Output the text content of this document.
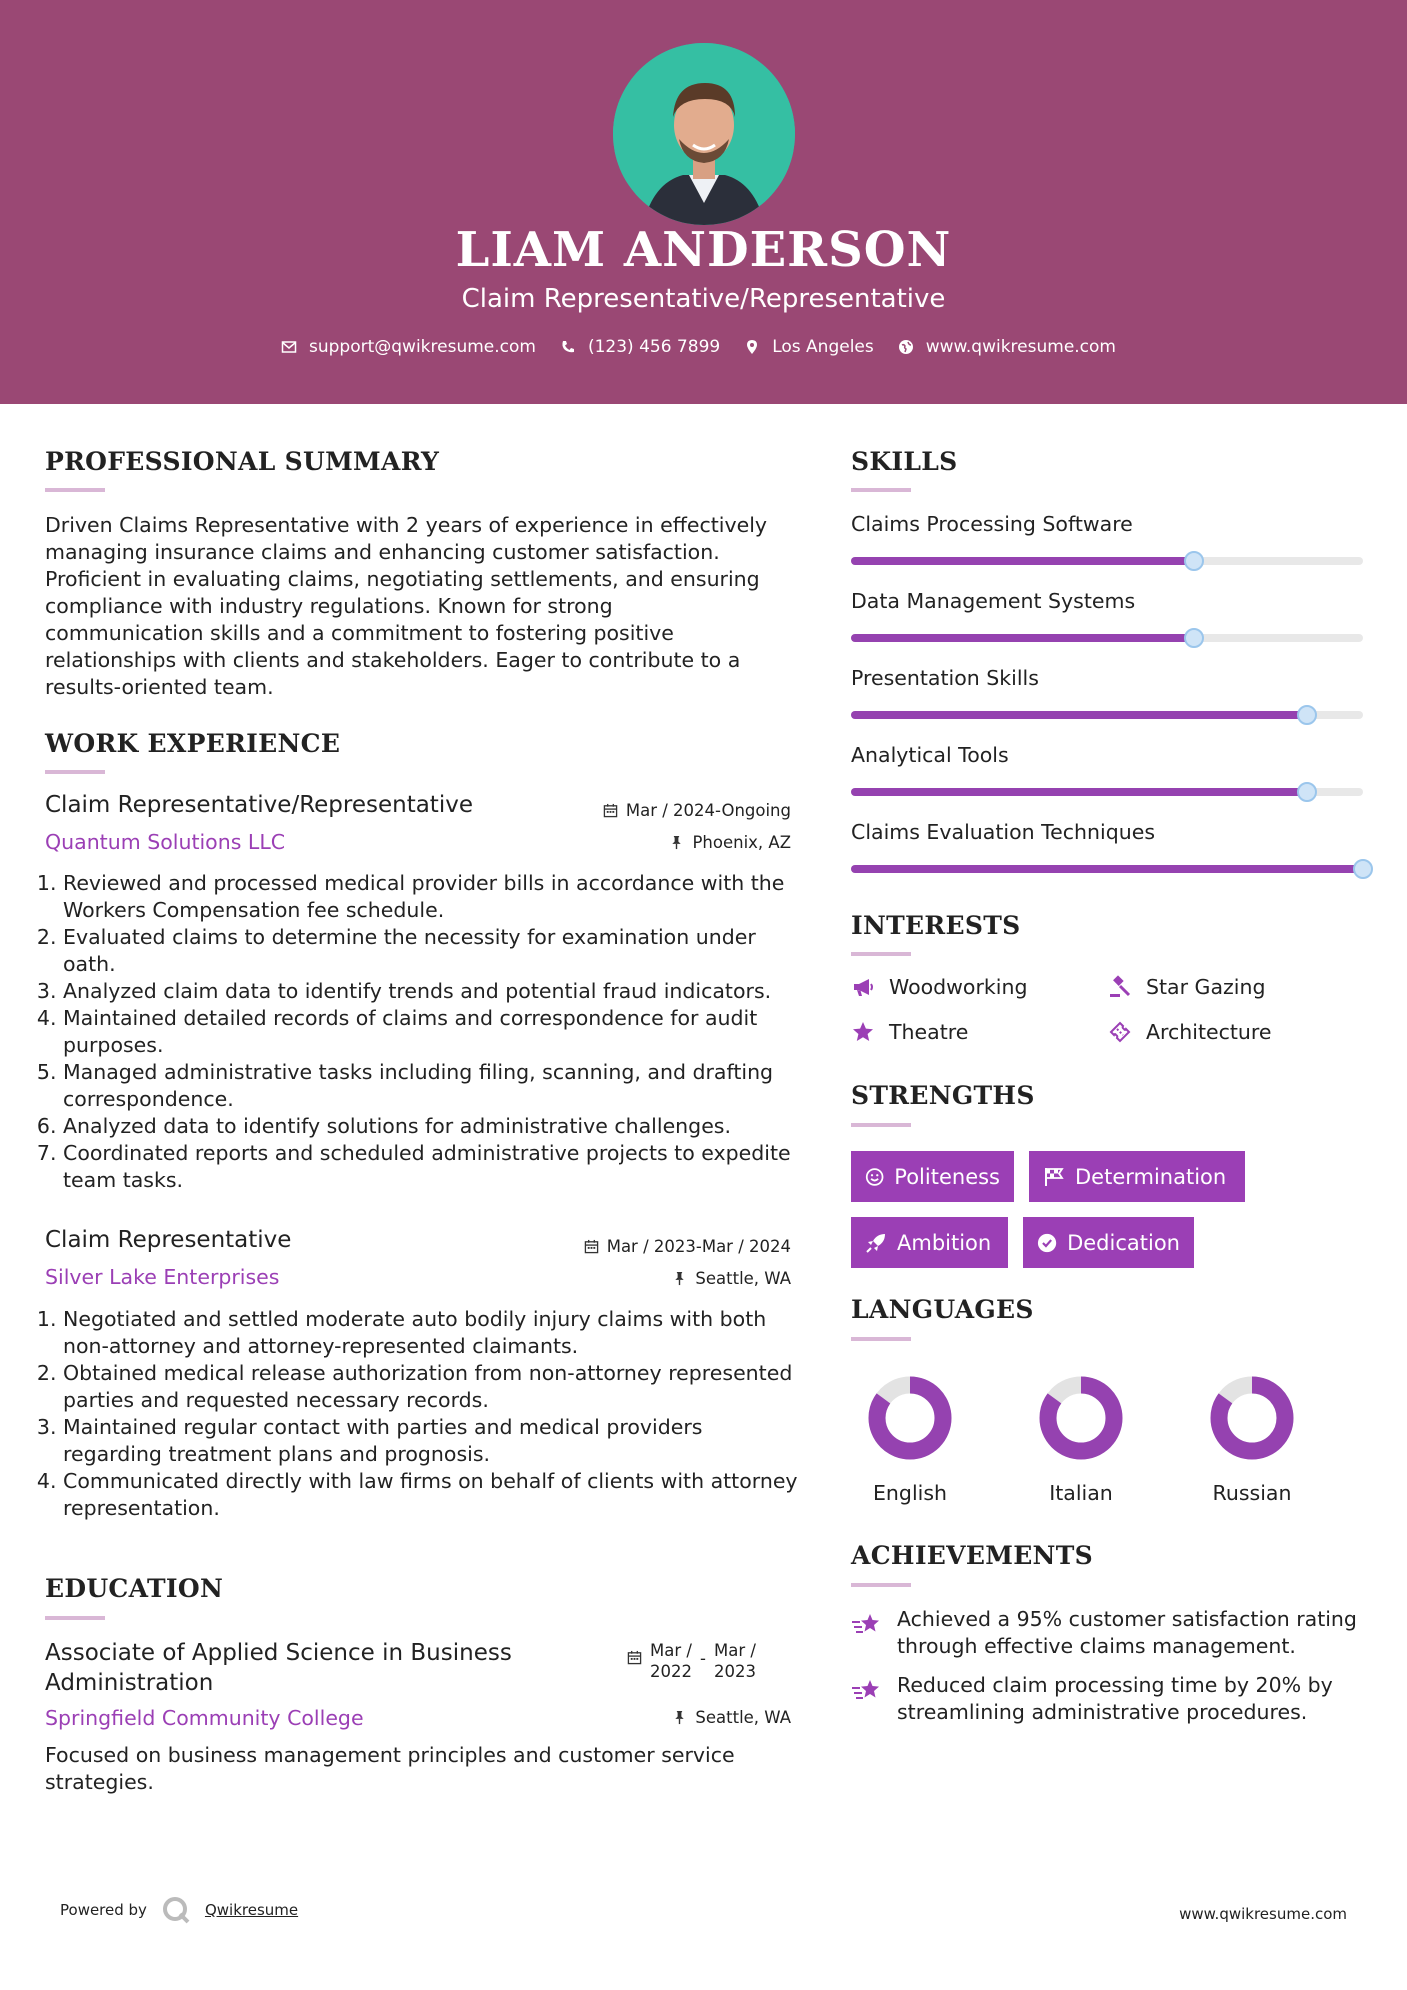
LIAM ANDERSON
Claim Representative/Representative
support@qwikresume.com	(123) 456 7899	Los Angeles	www.qwikresume.com
PROFESSIONAL SUMMARY
Driven Claims Representative with 2 years of experience in effectively
managing insurance claims and enhancing customer satisfaction.
Proficient in evaluating claims, negotiating settlements, and ensuring
compliance with industry regulations. Known for strong
communication skills and a commitment to fostering positive
relationships with clients and stakeholders. Eager to contribute to a
results-oriented team.
WORK EXPERIENCE
Claim Representative/Representative	Mar / 2024-Ongoing
Quantum Solutions LLC	Phoenix, AZ
1. Reviewed and processed medical provider bills in accordance with the Workers Compensation fee schedule.
2. Evaluated claims to determine the necessity for examination under oath.
3. Analyzed claim data to identify trends and potential fraud indicators.
4. Maintained detailed records of claims and correspondence for audit purposes.
5. Managed administrative tasks including filing, scanning, and drafting correspondence.
6. Analyzed data to identify solutions for administrative challenges.
7. Coordinated reports and scheduled administrative projects to expedite team tasks.
Claim Representative	Mar / 2023-Mar / 2024
Silver Lake Enterprises	Seattle, WA
1. Negotiated and settled moderate auto bodily injury claims with both non-attorney and attorney-represented claimants.
2. Obtained medical release authorization from non-attorney represented parties and requested necessary records.
3. Maintained regular contact with parties and medical providers regarding treatment plans and prognosis.
4. Communicated directly with law firms on behalf of clients with attorney representation.
EDUCATION
Associate of Applied Science in Business
Administration
Mar /
2022
- Mar /
2023
Springfield Community College	Seattle, WA
Focused on business management principles and customer service
strategies.
SKILLS
Claims Processing Software
Data Management Systems
Presentation Skills
Analytical Tools
Claims Evaluation Techniques
INTERESTS
Woodworking	Star Gazing
Theatre	Architecture
STRENGTHS
Politeness	Determination
Ambition	Dedication
LANGUAGES
English	Italian	Russian
ACHIEVEMENTS
Achieved a 95% customer satisfaction rating
through effective claims management.
Reduced claim processing time by 20% by
streamlining administrative procedures.
Powered by	Qwikresume	www.qwikresume.com
